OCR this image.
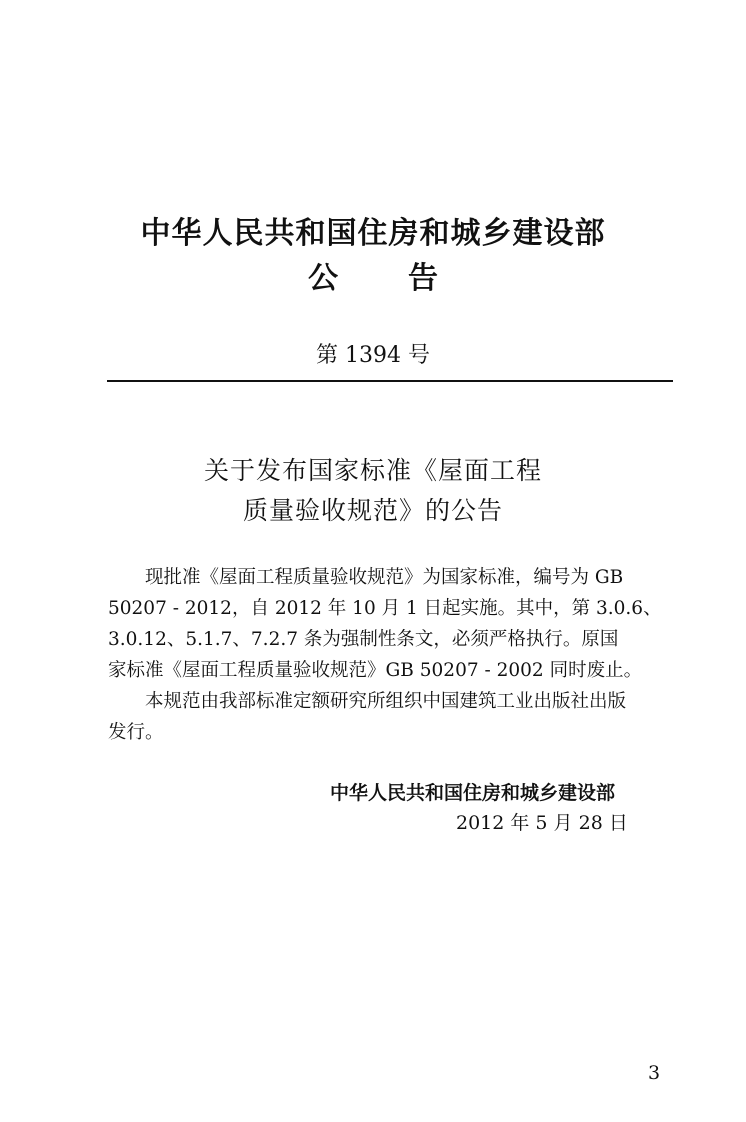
中华人民共和国住房和城乡建设部
公告
第 1394 号
关于发布国家标准《屋面工程
质量验收规范》的公告
　　现批准《屋面工程质量验收规范》为国家标准，编号为 GB
50207 - 2012，自 2012 年 10 月 1 日起实施。其中，第 3.0.6、
3.0.12、5.1.7、7.2.7 条为强制性条文，必须严格执行。原国
家标准《屋面工程质量验收规范》GB 50207 - 2002 同时废止。
　　本规范由我部标准定额研究所组织中国建筑工业出版社出版
发行。
中华人民共和国住房和城乡建设部
2012 年 5 月 28 日
3
